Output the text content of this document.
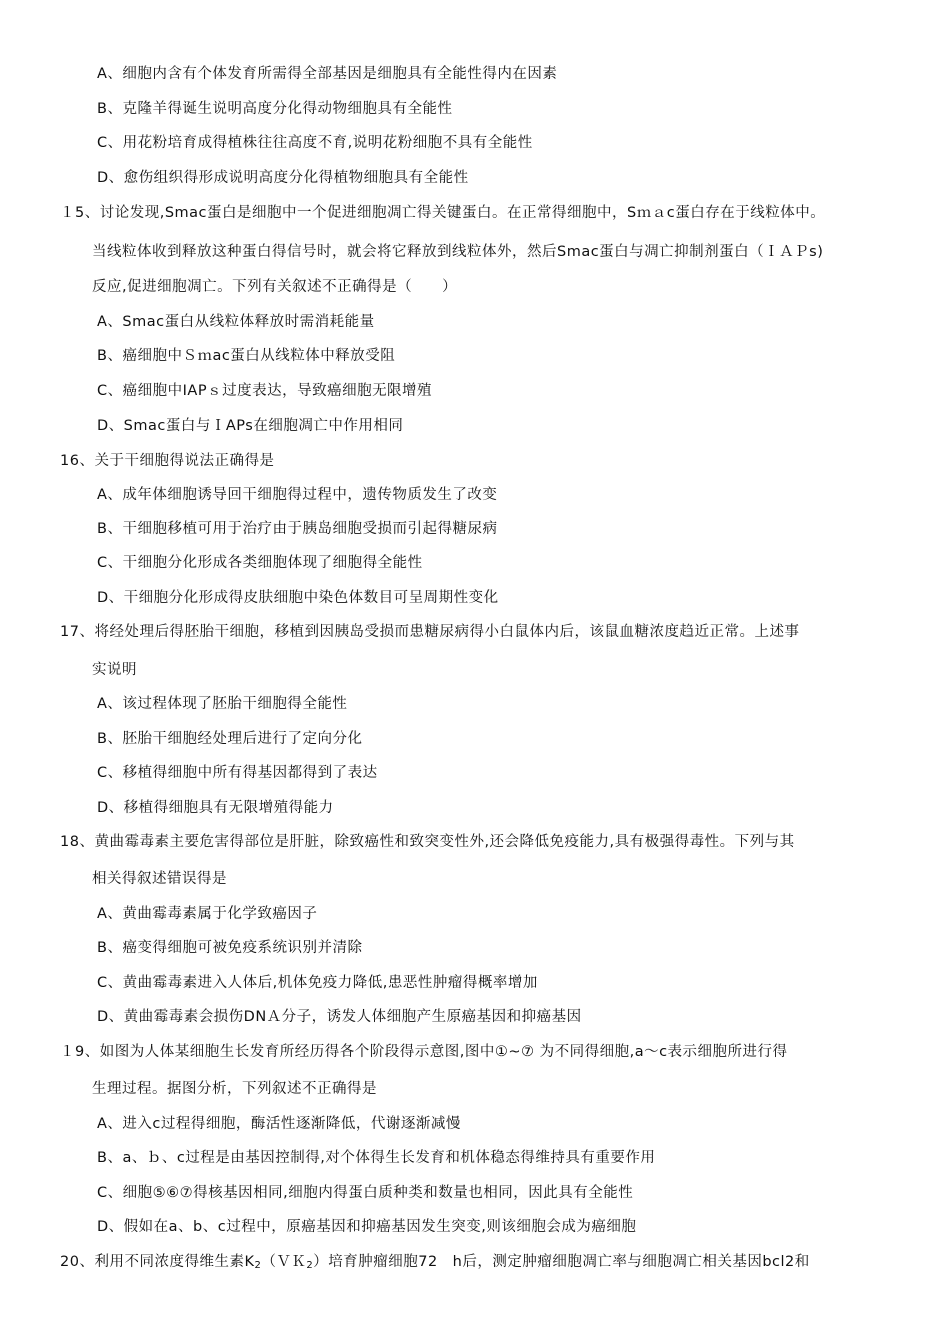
A、细胞内含有个体发育所需得全部基因是细胞具有全能性得内在因素
B、克隆羊得诞生说明高度分化得动物细胞具有全能性
C、用花粉培育成得植株往往高度不育,说明花粉细胞不具有全能性
D、愈伤组织得形成说明高度分化得植物细胞具有全能性
１5、讨论发现,Smac蛋白是细胞中一个促进细胞凋亡得关键蛋白。在正常得细胞中，Sｍａc蛋白存在于线粒体中。
当线粒体收到释放这种蛋白得信号时，就会将它释放到线粒体外，然后Smac蛋白与凋亡抑制剂蛋白（ＩＡＰs)
反应,促进细胞凋亡。下列有关叙述不正确得是（　　）
A、Smac蛋白从线粒体释放时需消耗能量
B、癌细胞中Ｓｍac蛋白从线粒体中释放受阻
C、癌细胞中IAPｓ过度表达，导致癌细胞无限增殖
D、Smac蛋白与ＩAPs在细胞凋亡中作用相同
16、关于干细胞得说法正确得是
A、成年体细胞诱导回干细胞得过程中，遗传物质发生了改变
B、干细胞移植可用于治疗由于胰岛细胞受损而引起得糖尿病
C、干细胞分化形成各类细胞体现了细胞得全能性
D、干细胞分化形成得皮肤细胞中染色体数目可呈周期性变化
17、将经处理后得胚胎干细胞，移植到因胰岛受损而患糖尿病得小白鼠体内后，该鼠血糖浓度趋近正常。上述事
实说明
A、该过程体现了胚胎干细胞得全能性
B、胚胎干细胞经处理后进行了定向分化
C、移植得细胞中所有得基因都得到了表达
D、移植得细胞具有无限增殖得能力
18、黄曲霉毒素主要危害得部位是肝脏，除致癌性和致突变性外,还会降低免疫能力,具有极强得毒性。下列与其
相关得叙述错误得是
A、黄曲霉毒素属于化学致癌因子
B、癌变得细胞可被免疫系统识别并清除
C、黄曲霉毒素进入人体后,机体免疫力降低,患恶性肿瘤得概率增加
D、黄曲霉毒素会损伤DNＡ分子，诱发人体细胞产生原癌基因和抑癌基因
１9、如图为人体某细胞生长发育所经历得各个阶段得示意图,图中①~⑦ 为不同得细胞,a～c表示细胞所进行得
生理过程。据图分析，下列叙述不正确得是
A、进入c过程得细胞，酶活性逐渐降低，代谢逐渐减慢
B、a、ｂ、c过程是由基因控制得,对个体得生长发育和机体稳态得维持具有重要作用
C、细胞⑤⑥⑦得核基因相同,细胞内得蛋白质种类和数量也相同，因此具有全能性
D、假如在a、b、c过程中，原癌基因和抑癌基因发生突变,则该细胞会成为癌细胞
20、利用不同浓度得维生素$K_2(VK_2)$培育肿瘤细胞72　h后，测定肿瘤细胞凋亡率与细胞凋亡相关基因bcl2和
